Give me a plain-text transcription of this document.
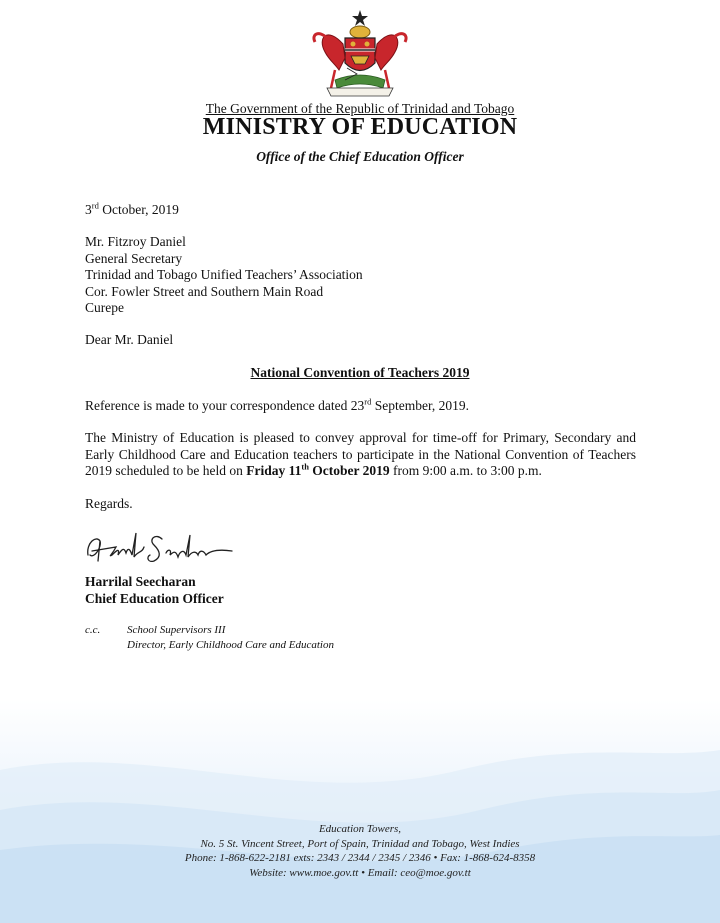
The Government of the Republic of Trinidad and Tobago
MINISTRY OF EDUCATION
Office of the Chief Education Officer
3rd October, 2019
Mr. Fitzroy Daniel
General Secretary
Trinidad and Tobago Unified Teachers’ Association
Cor. Fowler Street and Southern Main Road
Curepe
Dear Mr. Daniel
National Convention of Teachers 2019
Reference is made to your correspondence dated 23rd September, 2019.
The Ministry of Education is pleased to convey approval for time-off for Primary, Secondary and Early Childhood Care and Education teachers to participate in the National Convention of Teachers 2019 scheduled to be held on Friday 11th October 2019 from 9:00 a.m. to 3:00 p.m.
Regards.
Harrilal Seecharan
Chief Education Officer
c.c. School Supervisors III
Director, Early Childhood Care and Education
Education Towers,
No. 5 St. Vincent Street, Port of Spain, Trinidad and Tobago, West Indies
Phone: 1-868-622-2181 exts: 2343 / 2344 / 2345 / 2346 • Fax: 1-868-624-8358
Website: www.moe.gov.tt • Email: ceo@moe.gov.tt
